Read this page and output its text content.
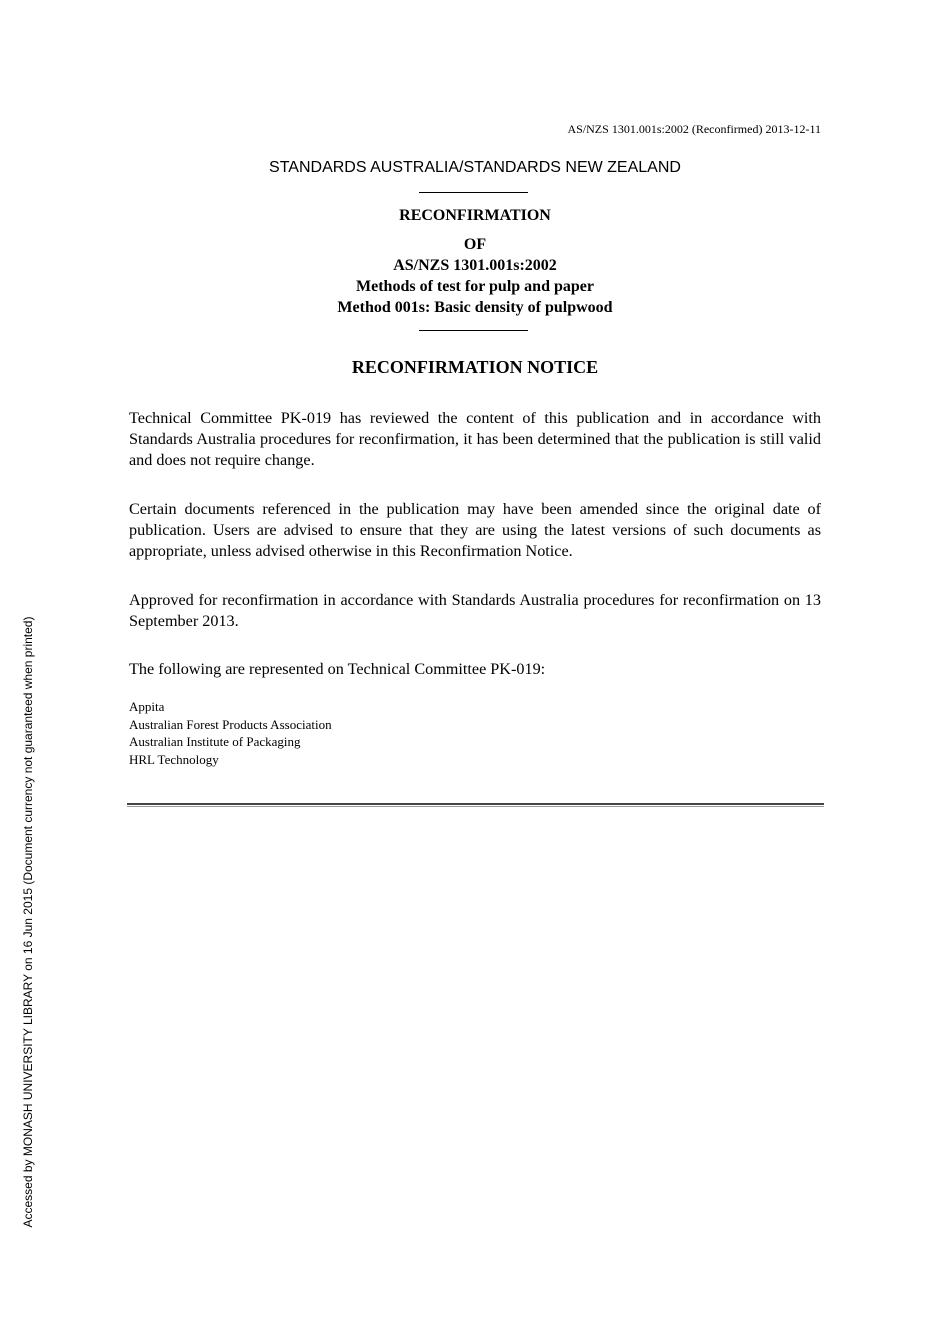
AS/NZS 1301.001s:2002 (Reconfirmed) 2013-12-11
STANDARDS AUSTRALIA/STANDARDS NEW ZEALAND
RECONFIRMATION
OF
AS/NZS 1301.001s:2002
Methods of test for pulp and paper
Method 001s: Basic density of pulpwood
RECONFIRMATION NOTICE

Technical Committee PK-019 has reviewed the content of this publication and in accordance with Standards Australia procedures for reconfirmation, it has been determined that the publication is still valid and does not require change.

Certain documents referenced in the publication may have been amended since the original date of publication. Users are advised to ensure that they are using the latest versions of such documents as appropriate, unless advised otherwise in this Reconfirmation Notice.

Approved for reconfirmation in accordance with Standards Australia procedures for reconfirmation on 13 September 2013.

The following are represented on Technical Committee PK-019:

Appita
Australian Forest Products Association
Australian Institute of Packaging
HRL Technology
Accessed by MONASH UNIVERSITY LIBRARY on 16 Jun 2015 (Document currency not guaranteed when printed)
